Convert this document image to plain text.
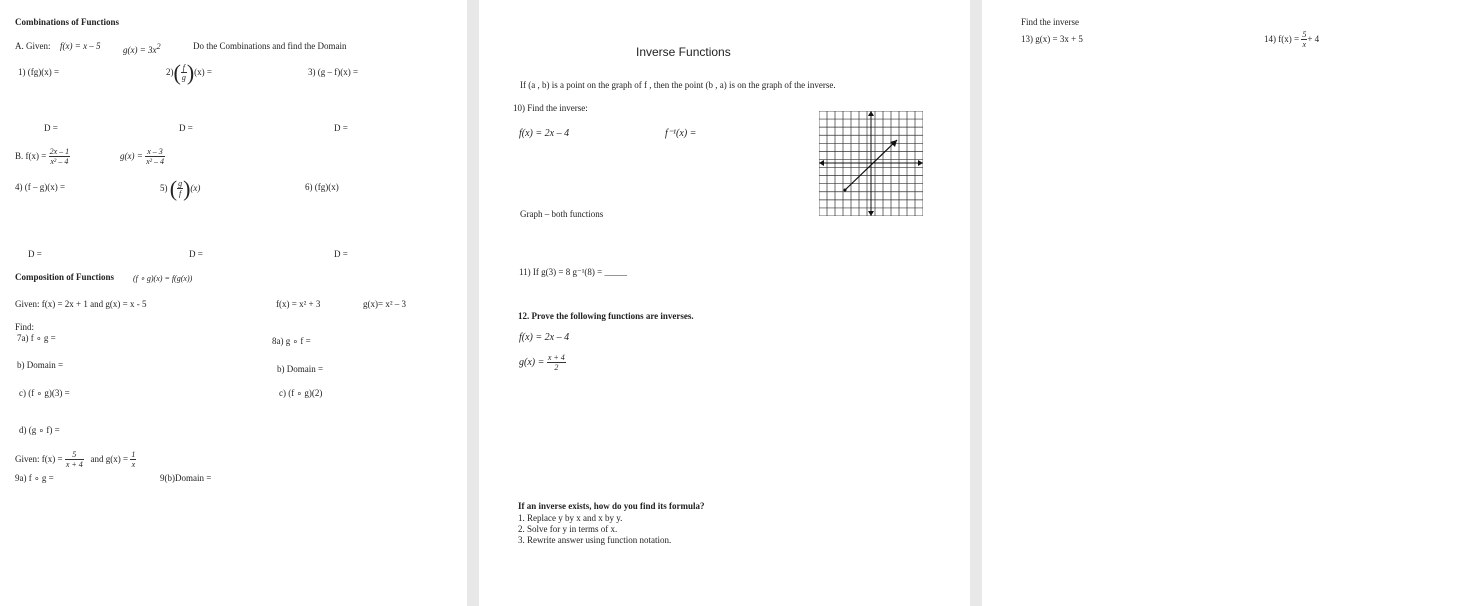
Combinations of Functions
A. Given: f(x) = x – 5 $g(x) = 3x^2$	Do the Combinations and find the Domain
1) (fg)(x) =	$2)( \frac{f}{g} )(x)$ =	3) (g – f)(x) =
D =	D =	D =
B. $f(x) = \frac{2x - 1}{\text{x² – 4}}$	$g(x) = \frac{x - 3}{\text{x² – 4}}$
4) (f – g)(x) =	5) ( $\frac{g}{f} )(x)$	6) (fg)(x)
D =	D =	D =
Composition of Functions (f ∘ g)(x) = f(g(x))
Given: f(x) = 2x + 1 and g(x) = x - 5	f(x) = x² + 3	g(x)= x² – 3
Find:
7a) f ∘ g =	8a) g ∘ f =
b) Domain =	b) Domain =
c) (f ∘ g)(3) =	c) (f ∘ g)(2)
d) (g ∘ f) =
Given: $f(x) = \frac{5}{x + 4}$ and $g(x) = \frac{1}{x}$
9a) f ∘ g =	9(b)Domain =
Inverse Functions
If (a , b) is a point on the graph of f , then the point (b , a) is on the graph of the inverse.
10) Find the inverse:
f(x) = 2x – 4	f⁻¹(x) =
Graph – both functions
11) If g(3) = 8 g⁻¹(8) = _____
12. Prove the following functions are inverses.
f(x) = 2x – 4
$g(x) = \frac{x + 4}{2}$
If an inverse exists, how do you find its formula?
1. Replace y by x and x by y.
2. Solve for y in terms of x.
3. Rewrite answer using function notation.
Find the inverse
13) g(x) = 3x + 5	14) $f(x) = \frac{5}{x} + 4$
